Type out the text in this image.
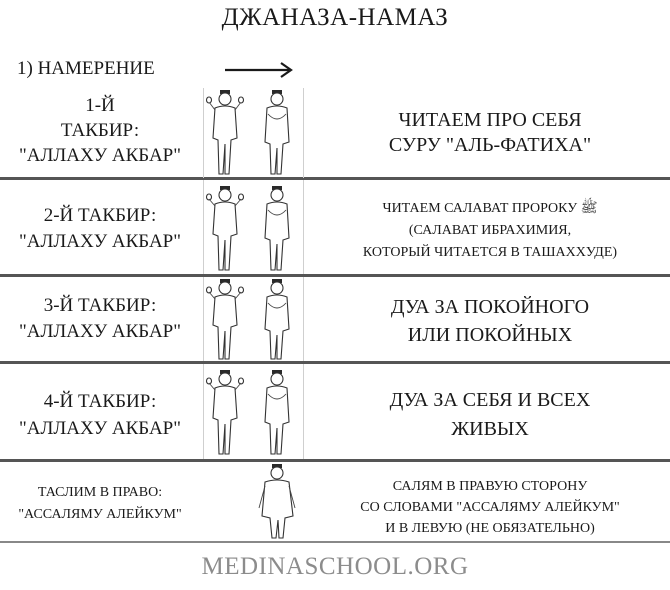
ДЖАНАЗА-НАМАЗ
1) НАМЕРЕНИЕ
1-Й
ТАКБИР:
"АЛЛАХУ АКБАР"
ЧИТАЕМ ПРО СЕБЯ
СУРУ "АЛЬ-ФАТИХА"
2-Й ТАКБИР:
"АЛЛАХУ АКБАР"
ЧИТАЕМ САЛАВАТ ПРОРОКУ ﷺ
(САЛАВАТ ИБРАХИМИЯ,
КОТОРЫЙ ЧИТАЕТСЯ В ТАШАХХУДЕ)
3-Й ТАКБИР:
"АЛЛАХУ АКБАР"
ДУА ЗА ПОКОЙНОГО
ИЛИ ПОКОЙНЫХ
4-Й ТАКБИР:
"АЛЛАХУ АКБАР"
ДУА ЗА СЕБЯ И ВСЕХ
ЖИВЫХ
ТАСЛИМ В ПРАВО:
"АССАЛЯМУ АЛЕЙКУМ"
САЛЯМ В ПРАВУЮ СТОРОНУ
СО СЛОВАМИ "АССАЛЯМУ АЛЕЙКУМ"
И В ЛЕВУЮ (НЕ ОБЯЗАТЕЛЬНО)
MEDINASCHOOL.ORG
